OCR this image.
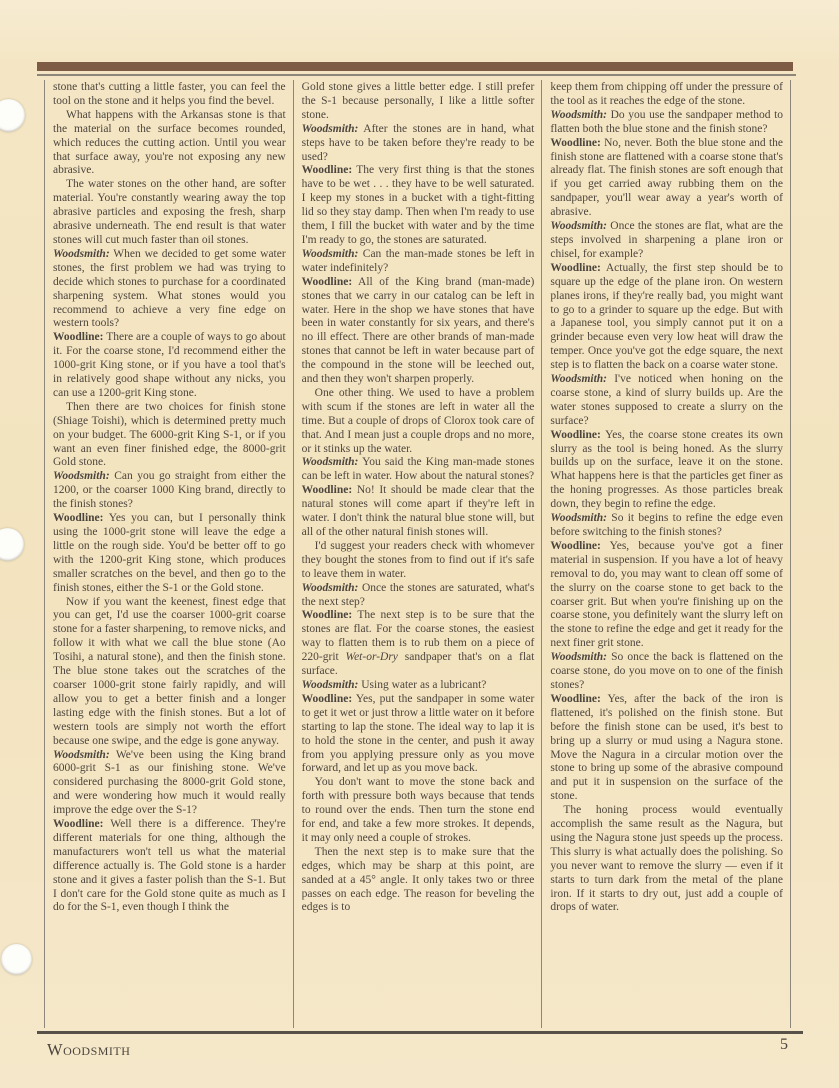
stone that's cutting a little faster, you can feel the tool on the stone and it helps you find the bevel.

What happens with the Arkansas stone is that the material on the surface becomes rounded, which reduces the cutting action. Until you wear that surface away, you're not exposing any new abrasive.

The water stones on the other hand, are softer material. You're constantly wearing away the top abrasive particles and exposing the fresh, sharp abrasive underneath. The end result is that water stones will cut much faster than oil stones.

Woodsmith: When we decided to get some water stones, the first problem we had was trying to decide which stones to purchase for a coordinated sharpening system. What stones would you recommend to achieve a very fine edge on western tools?

Woodline: There are a couple of ways to go about it. For the coarse stone, I'd recommend either the 1000-grit King stone, or if you have a tool that's in relatively good shape without any nicks, you can use a 1200-grit King stone.

Then there are two choices for finish stone (Shiage Toishi), which is determined pretty much on your budget. The 6000-grit King S-1, or if you want an even finer finished edge, the 8000-grit Gold stone.

Woodsmith: Can you go straight from either the 1200, or the coarser 1000 King brand, directly to the finish stones?

Woodline: Yes you can, but I personally think using the 1000-grit stone will leave the edge a little on the rough side. You'd be better off to go with the 1200-grit King stone, which produces smaller scratches on the bevel, and then go to the finish stones, either the S-1 or the Gold stone.

Now if you want the keenest, finest edge that you can get, I'd use the coarser 1000-grit coarse stone for a faster sharpening, to remove nicks, and follow it with what we call the blue stone (Ao Tosihi, a natural stone), and then the finish stone. The blue stone takes out the scratches of the coarser 1000-grit stone fairly rapidly, and will allow you to get a better finish and a longer lasting edge with the finish stones. But a lot of western tools are simply not worth the effort because one swipe, and the edge is gone anyway.

Woodsmith: We've been using the King brand 6000-grit S-1 as our finishing stone. We've considered purchasing the 8000-grit Gold stone, and were wondering how much it would really improve the edge over the S-1?

Woodline: Well there is a difference. They're different materials for one thing, although the manufacturers won't tell us what the material difference actually is. The Gold stone is a harder stone and it gives a faster polish than the S-1. But I don't care for the Gold stone quite as much as I do for the S-1, even though I think the

Gold stone gives a little better edge. I still prefer the S-1 because personally, I like a little softer stone.

Woodsmith: After the stones are in hand, what steps have to be taken before they're ready to be used?

Woodline: The very first thing is that the stones have to be wet . . . they have to be well saturated. I keep my stones in a bucket with a tight-fitting lid so they stay damp. Then when I'm ready to use them, I fill the bucket with water and by the time I'm ready to go, the stones are saturated.

Woodsmith: Can the man-made stones be left in water indefinitely?

Woodline: All of the King brand (man-made) stones that we carry in our catalog can be left in water. Here in the shop we have stones that have been in water constantly for six years, and there's no ill effect. There are other brands of man-made stones that cannot be left in water because part of the compound in the stone will be leeched out, and then they won't sharpen properly.

One other thing. We used to have a problem with scum if the stones are left in water all the time. But a couple of drops of Clorox took care of that. And I mean just a couple drops and no more, or it stinks up the water.

Woodsmith: You said the King man-made stones can be left in water. How about the natural stones?

Woodline: No! It should be made clear that the natural stones will come apart if they're left in water. I don't think the natural blue stone will, but all of the other natural finish stones will.

I'd suggest your readers check with whomever they bought the stones from to find out if it's safe to leave them in water.

Woodsmith: Once the stones are saturated, what's the next step?

Woodline: The next step is to be sure that the stones are flat. For the coarse stones, the easiest way to flatten them is to rub them on a piece of 220-grit Wet-or-Dry sandpaper that's on a flat surface.

Woodsmith: Using water as a lubricant?

Woodline: Yes, put the sandpaper in some water to get it wet or just throw a little water on it before starting to lap the stone. The ideal way to lap it is to hold the stone in the center, and push it away from you applying pressure only as you move forward, and let up as you move back.

You don't want to move the stone back and forth with pressure both ways because that tends to round over the ends. Then turn the stone end for end, and take a few more strokes. It depends, it may only need a couple of strokes.

Then the next step is to make sure that the edges, which may be sharp at this point, are sanded at a 45° angle. It only takes two or three passes on each edge. The reason for beveling the edges is to

keep them from chipping off under the pressure of the tool as it reaches the edge of the stone.

Woodsmith: Do you use the sandpaper method to flatten both the blue stone and the finish stone?

Woodline: No, never. Both the blue stone and the finish stone are flattened with a coarse stone that's already flat. The finish stones are soft enough that if you get carried away rubbing them on the sandpaper, you'll wear away a year's worth of abrasive.

Woodsmith: Once the stones are flat, what are the steps involved in sharpening a plane iron or chisel, for example?

Woodline: Actually, the first step should be to square up the edge of the plane iron. On western planes irons, if they're really bad, you might want to go to a grinder to square up the edge. But with a Japanese tool, you simply cannot put it on a grinder because even very low heat will draw the temper. Once you've got the edge square, the next step is to flatten the back on a coarse water stone.

Woodsmith: I've noticed when honing on the coarse stone, a kind of slurry builds up. Are the water stones supposed to create a slurry on the surface?

Woodline: Yes, the coarse stone creates its own slurry as the tool is being honed. As the slurry builds up on the surface, leave it on the stone. What happens here is that the particles get finer as the honing progresses. As those particles break down, they begin to refine the edge.

Woodsmith: So it begins to refine the edge even before switching to the finish stones?

Woodline: Yes, because you've got a finer material in suspension. If you have a lot of heavy removal to do, you may want to clean off some of the slurry on the coarse stone to get back to the coarser grit. But when you're finishing up on the coarse stone, you definitely want the slurry left on the stone to refine the edge and get it ready for the next finer grit stone.

Woodsmith: So once the back is flattened on the coarse stone, do you move on to one of the finish stones?

Woodline: Yes, after the back of the iron is flattened, it's polished on the finish stone. But before the finish stone can be used, it's best to bring up a slurry or mud using a Nagura stone. Move the Nagura in a circular motion over the stone to bring up some of the abrasive compound and put it in suspension on the surface of the stone.

The honing process would eventually accomplish the same result as the Nagura, but using the Nagura stone just speeds up the process. This slurry is what actually does the polishing. So you never want to remove the slurry — even if it starts to turn dark from the metal of the plane iron. If it starts to dry out, just add a couple of drops of water.

Woodsmith	5
